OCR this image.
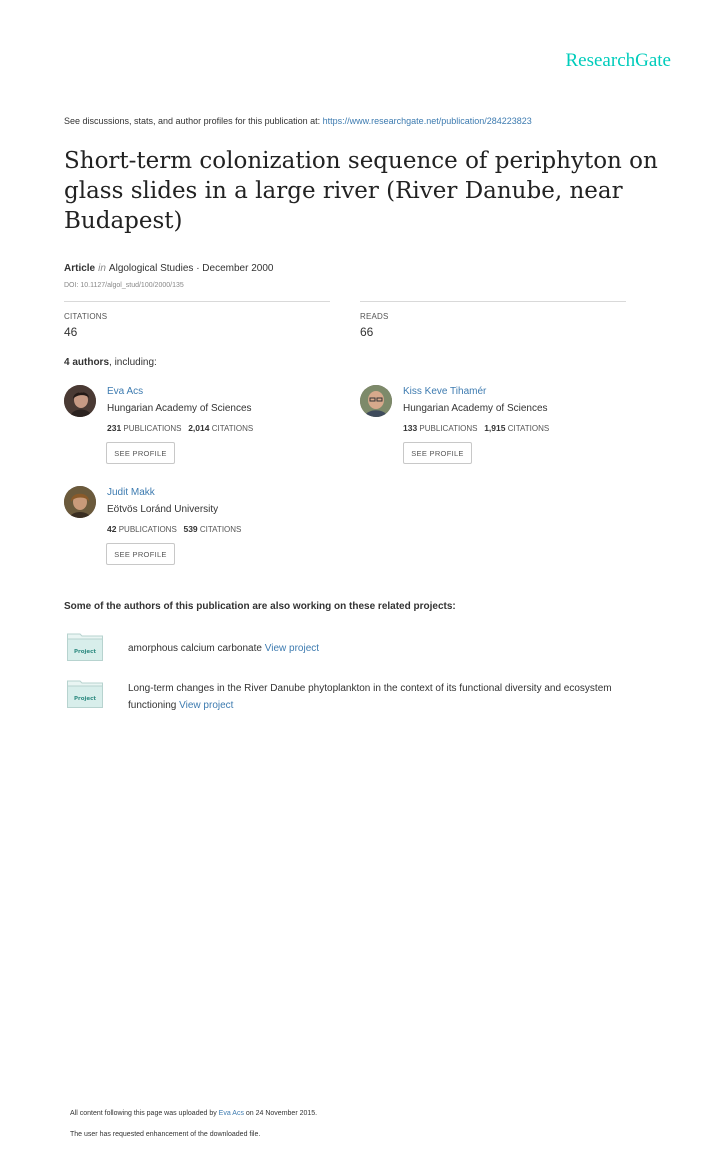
ResearchGate
See discussions, stats, and author profiles for this publication at: https://www.researchgate.net/publication/284223823
Short-term colonization sequence of periphyton on glass slides in a large river (River Danube, near Budapest)
Article in Algological Studies · December 2000
DOI: 10.1127/algol_stud/100/2000/135
CITATIONS
46
READS
66
4 authors, including:
Eva Acs
Hungarian Academy of Sciences
231 PUBLICATIONS 2,014 CITATIONS
SEE PROFILE
Kiss Keve Tihamér
Hungarian Academy of Sciences
133 PUBLICATIONS 1,915 CITATIONS
SEE PROFILE
Judit Makk
Eötvös Loránd University
42 PUBLICATIONS 539 CITATIONS
SEE PROFILE
Some of the authors of this publication are also working on these related projects:
Project	amorphous calcium carbonate View project
Project
Long-term changes in the River Danube phytoplankton in the context of its functional diversity and ecosystem functioning View project
All content following this page was uploaded by Eva Acs on 24 November 2015.
The user has requested enhancement of the downloaded file.
